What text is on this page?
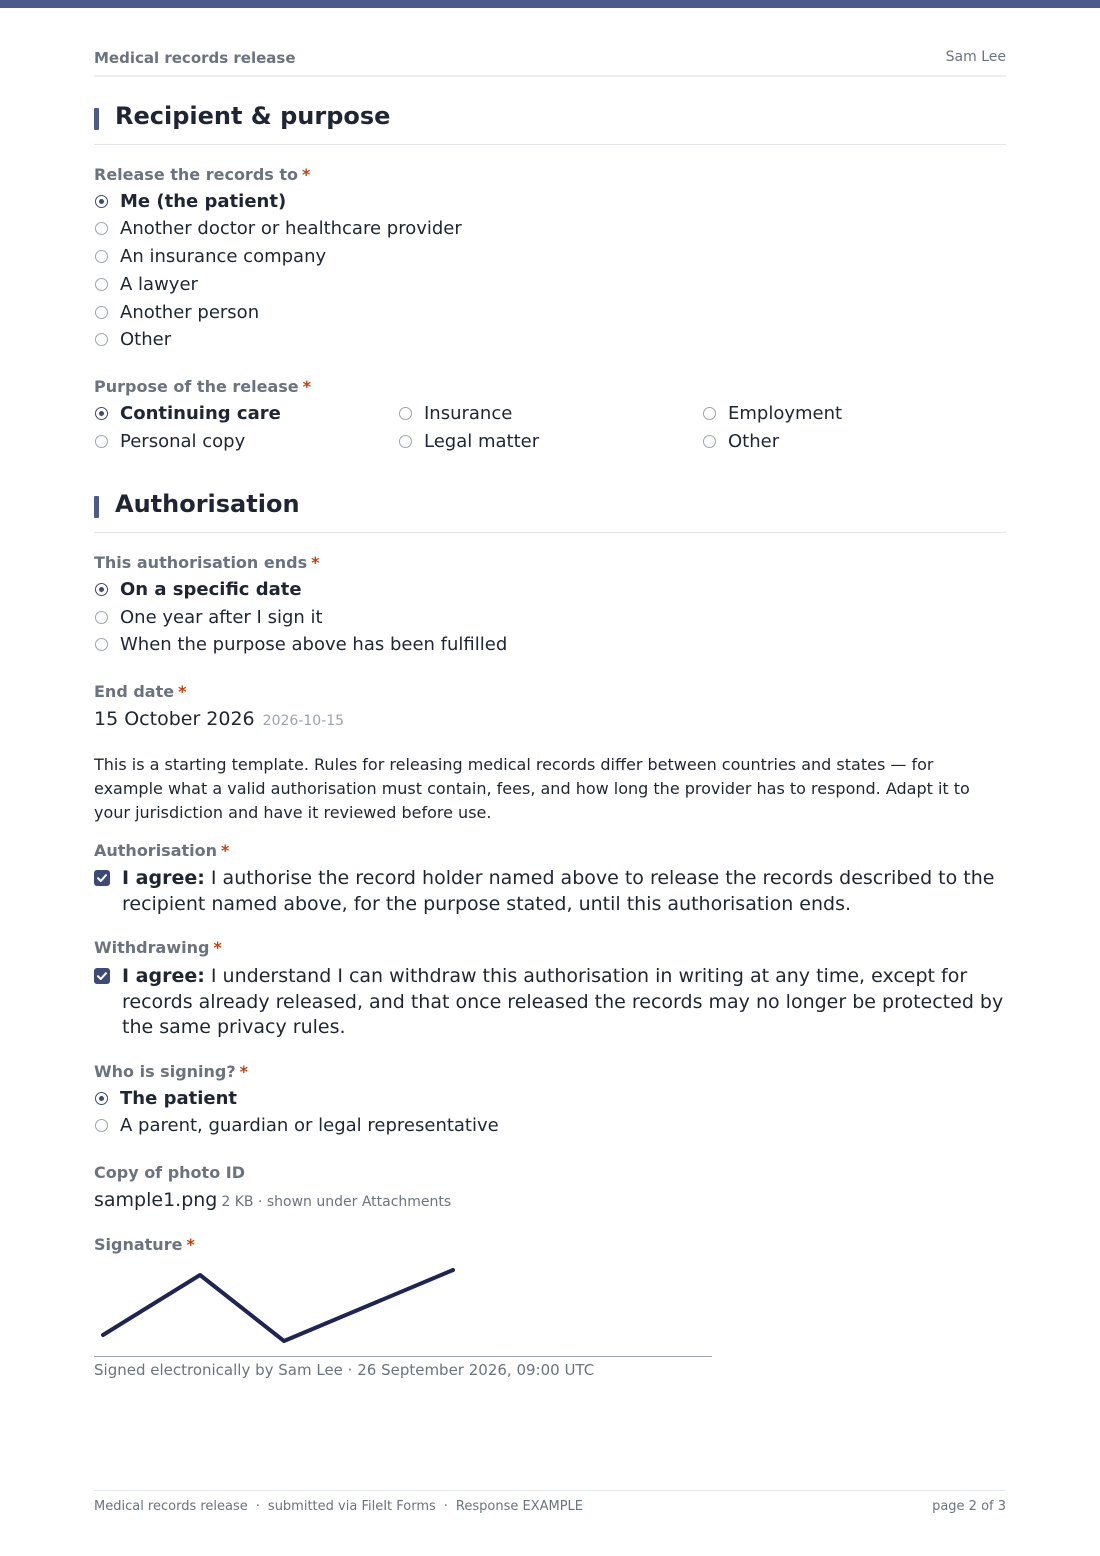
Medical records release	Sam Lee
Recipient & purpose
Release the records to *
Me (the patient)
Another doctor or healthcare provider
An insurance company
A lawyer
Another person
Other
Purpose of the release *
Continuing care	Insurance	Employment
Personal copy	Legal matter	Other
Authorisation
This authorisation ends *
On a specific date
One year after I sign it
When the purpose above has been fulfilled
End date *
15 October 2026 2026-10-15
This is a starting template. Rules for releasing medical records differ between countries and states — for example what a valid authorisation must contain, fees, and how long the provider has to respond. Adapt it to your jurisdiction and have it reviewed before use.
Authorisation *
I agree: I authorise the record holder named above to release the records described to the recipient named above, for the purpose stated, until this authorisation ends.
Withdrawing *
I agree: I understand I can withdraw this authorisation in writing at any time, except for records already released, and that once released the records may no longer be protected by the same privacy rules.
Who is signing? *
The patient
A parent, guardian or legal representative
Copy of photo ID
sample1.png 2 KB · shown under Attachments
Signature *
Signed electronically by Sam Lee · 26 September 2026, 09:00 UTC
Medical records release · submitted via FileIt Forms · Response EXAMPLE	page 2 of 3
